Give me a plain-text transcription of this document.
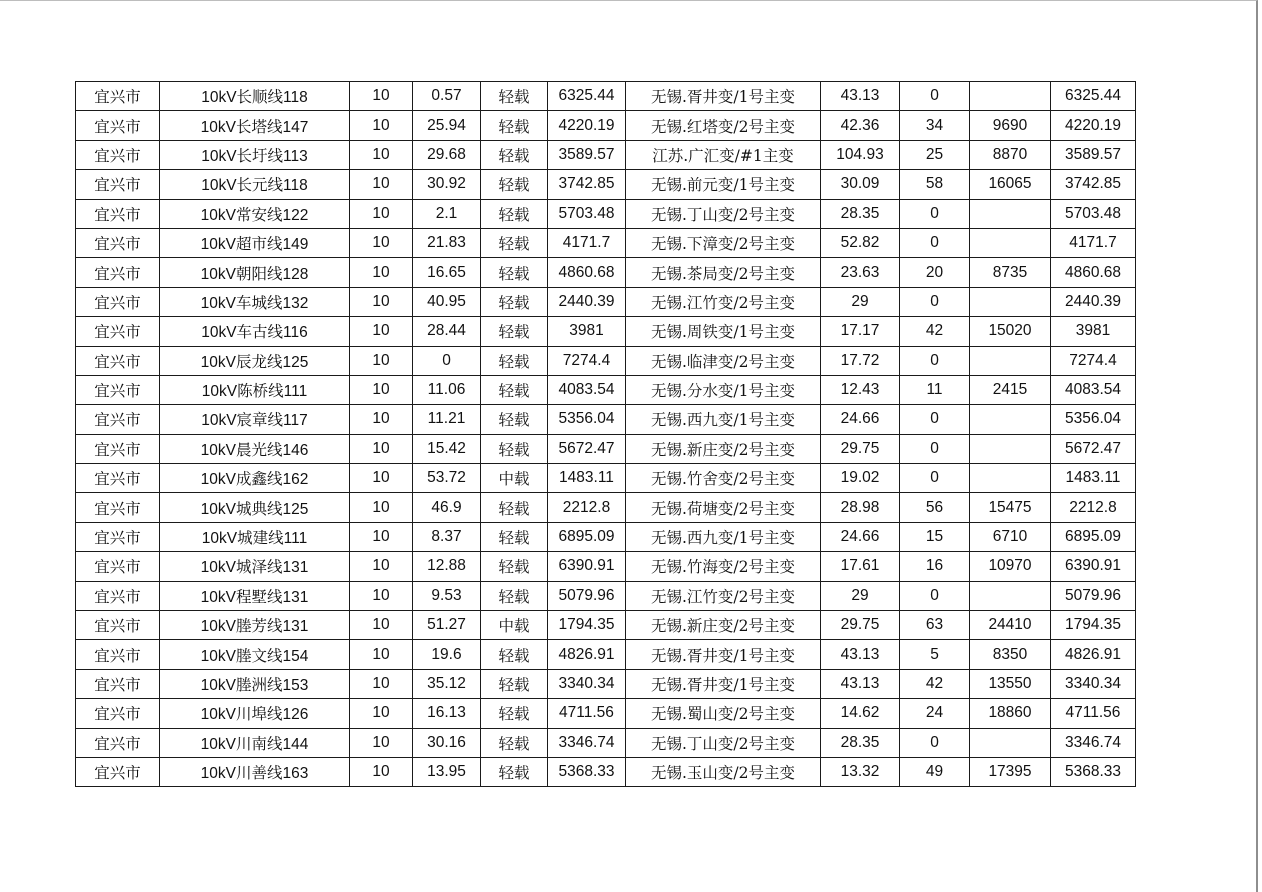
宜兴市	10kV长顺线118	10	0.57	轻载	6325.44	无锡.胥井变/1号主变	43.13	0		6325.44
宜兴市	10kV长塔线147	10	25.94	轻载	4220.19	无锡.红塔变/2号主变	42.36	34	9690	4220.19
宜兴市	10kV长圩线113	10	29.68	轻载	3589.57	江苏.广汇变/#1主变	104.93	25	8870	3589.57
宜兴市	10kV长元线118	10	30.92	轻载	3742.85	无锡.前元变/1号主变	30.09	58	16065	3742.85
宜兴市	10kV常安线122	10	2.1	轻载	5703.48	无锡.丁山变/2号主变	28.35	0		5703.48
宜兴市	10kV超市线149	10	21.83	轻载	4171.7	无锡.下漳变/2号主变	52.82	0		4171.7
宜兴市	10kV朝阳线128	10	16.65	轻载	4860.68	无锡.茶局变/2号主变	23.63	20	8735	4860.68
宜兴市	10kV车城线132	10	40.95	轻载	2440.39	无锡.江竹变/2号主变	29	0		2440.39
宜兴市	10kV车古线116	10	28.44	轻载	3981	无锡.周铁变/1号主变	17.17	42	15020	3981
宜兴市	10kV辰龙线125	10	0	轻载	7274.4	无锡.临津变/2号主变	17.72	0		7274.4
宜兴市	10kV陈桥线111	10	11.06	轻载	4083.54	无锡.分水变/1号主变	12.43	11	2415	4083.54
宜兴市	10kV宸章线117	10	11.21	轻载	5356.04	无锡.西九变/1号主变	24.66	0		5356.04
宜兴市	10kV晨光线146	10	15.42	轻载	5672.47	无锡.新庄变/2号主变	29.75	0		5672.47
宜兴市	10kV成鑫线162	10	53.72	中载	1483.11	无锡.竹舍变/2号主变	19.02	0		1483.11
宜兴市	10kV城典线125	10	46.9	轻载	2212.8	无锡.荷塘变/2号主变	28.98	56	15475	2212.8
宜兴市	10kV城建线111	10	8.37	轻载	6895.09	无锡.西九变/1号主变	24.66	15	6710	6895.09
宜兴市	10kV城泽线131	10	12.88	轻载	6390.91	无锡.竹海变/2号主变	17.61	16	10970	6390.91
宜兴市	10kV程墅线131	10	9.53	轻载	5079.96	无锡.江竹变/2号主变	29	0		5079.96
宜兴市	10kV塍芳线131	10	51.27	中载	1794.35	无锡.新庄变/2号主变	29.75	63	24410	1794.35
宜兴市	10kV塍文线154	10	19.6	轻载	4826.91	无锡.胥井变/1号主变	43.13	5	8350	4826.91
宜兴市	10kV塍洲线153	10	35.12	轻载	3340.34	无锡.胥井变/1号主变	43.13	42	13550	3340.34
宜兴市	10kV川埠线126	10	16.13	轻载	4711.56	无锡.蜀山变/2号主变	14.62	24	18860	4711.56
宜兴市	10kV川南线144	10	30.16	轻载	3346.74	无锡.丁山变/2号主变	28.35	0		3346.74
宜兴市	10kV川善线163	10	13.95	轻载	5368.33	无锡.玉山变/2号主变	13.32	49	17395	5368.33
